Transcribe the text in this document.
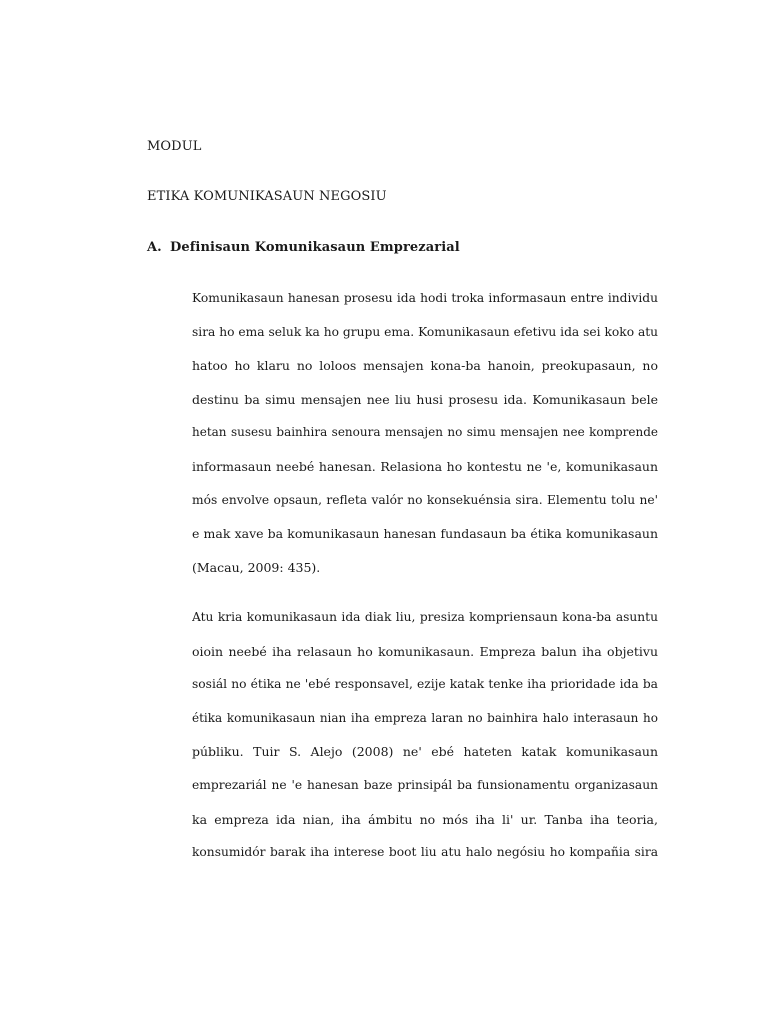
MODUL
ETIKA KOMUNIKASAUN NEGOSIU
A. Definisaun Komunikasaun Emprezarial
Komunikasaun hanesan prosesu ida hodi troka informasaun entre individu
sira ho ema seluk ka ho grupu ema. Komunikasaun efetivu ida sei koko atu
hatoo ho klaru no loloos mensajen kona-ba hanoin, preokupasaun, no
destinu ba simu mensajen nee liu husi prosesu ida. Komunikasaun bele
hetan susesu bainhira senoura mensajen no simu mensajen nee komprende
informasaun neebé hanesan. Relasiona ho kontestu ne 'e, komunikasaun
mós envolve opsaun, refleta valór no konsekuénsia sira. Elementu tolu ne'
e mak xave ba komunikasaun hanesan fundasaun ba étika komunikasaun
(Macau, 2009: 435).
Atu kria komunikasaun ida diak liu, presiza kompriensaun kona-ba asuntu
oioin neebé iha relasaun ho komunikasaun. Empreza balun iha objetivu
sosiál no étika ne 'ebé responsavel, ezije katak tenke iha prioridade ida ba
étika komunikasaun nian iha empreza laran no bainhira halo interasaun ho
públiku. Tuir S. Alejo (2008) ne' ebé hateten katak komunikasaun
emprezariál ne 'e hanesan baze prinsipál ba funsionamentu organizasaun
ka empreza ida nian, iha ámbitu no mós iha li' ur. Tanba iha teoria,
konsumidór barak iha interese boot liu atu halo negósiu ho kompañia sira
